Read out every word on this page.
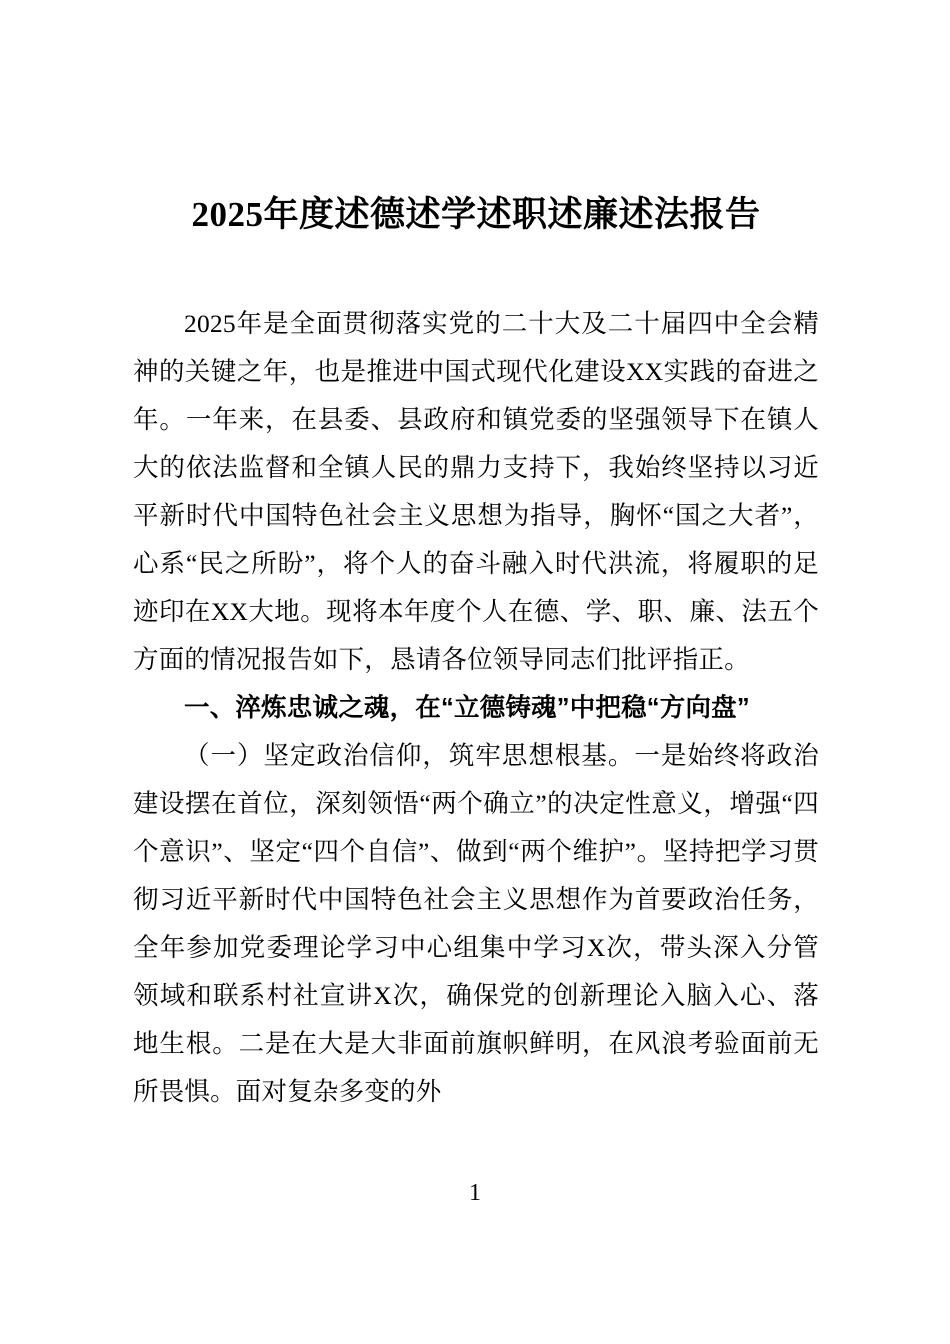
2025年度述德述学述职述廉述法报告

2025年是全面贯彻落实党的二十大及二十届四中全会精神的关键之年，也是推进中国式现代化建设XX实践的奋进之年。一年来，在县委、县政府和镇党委的坚强领导下在镇人大的依法监督和全镇人民的鼎力支持下，我始终坚持以习近平新时代中国特色社会主义思想为指导，胸怀“国之大者”，心系“民之所盼”，将个人的奋斗融入时代洪流，将履职的足迹印在XX大地。现将本年度个人在德、学、职、廉、法五个方面的情况报告如下，恳请各位领导同志们批评指正。

一、淬炼忠诚之魂，在“立德铸魂”中把稳“方向盘”

（一）坚定政治信仰，筑牢思想根基。一是始终将政治建设摆在首位，深刻领悟“两个确立”的决定性意义，增强“四个意识”、坚定“四个自信”、做到“两个维护”。坚持把学习贯彻习近平新时代中国特色社会主义思想作为首要政治任务，全年参加党委理论学习中心组集中学习X次，带头深入分管领域和联系村社宣讲X次，确保党的创新理论入脑入心、落地生根。二是在大是大非面前旗帜鲜明，在风浪考验面前无所畏惧。面对复杂多变的外

1
